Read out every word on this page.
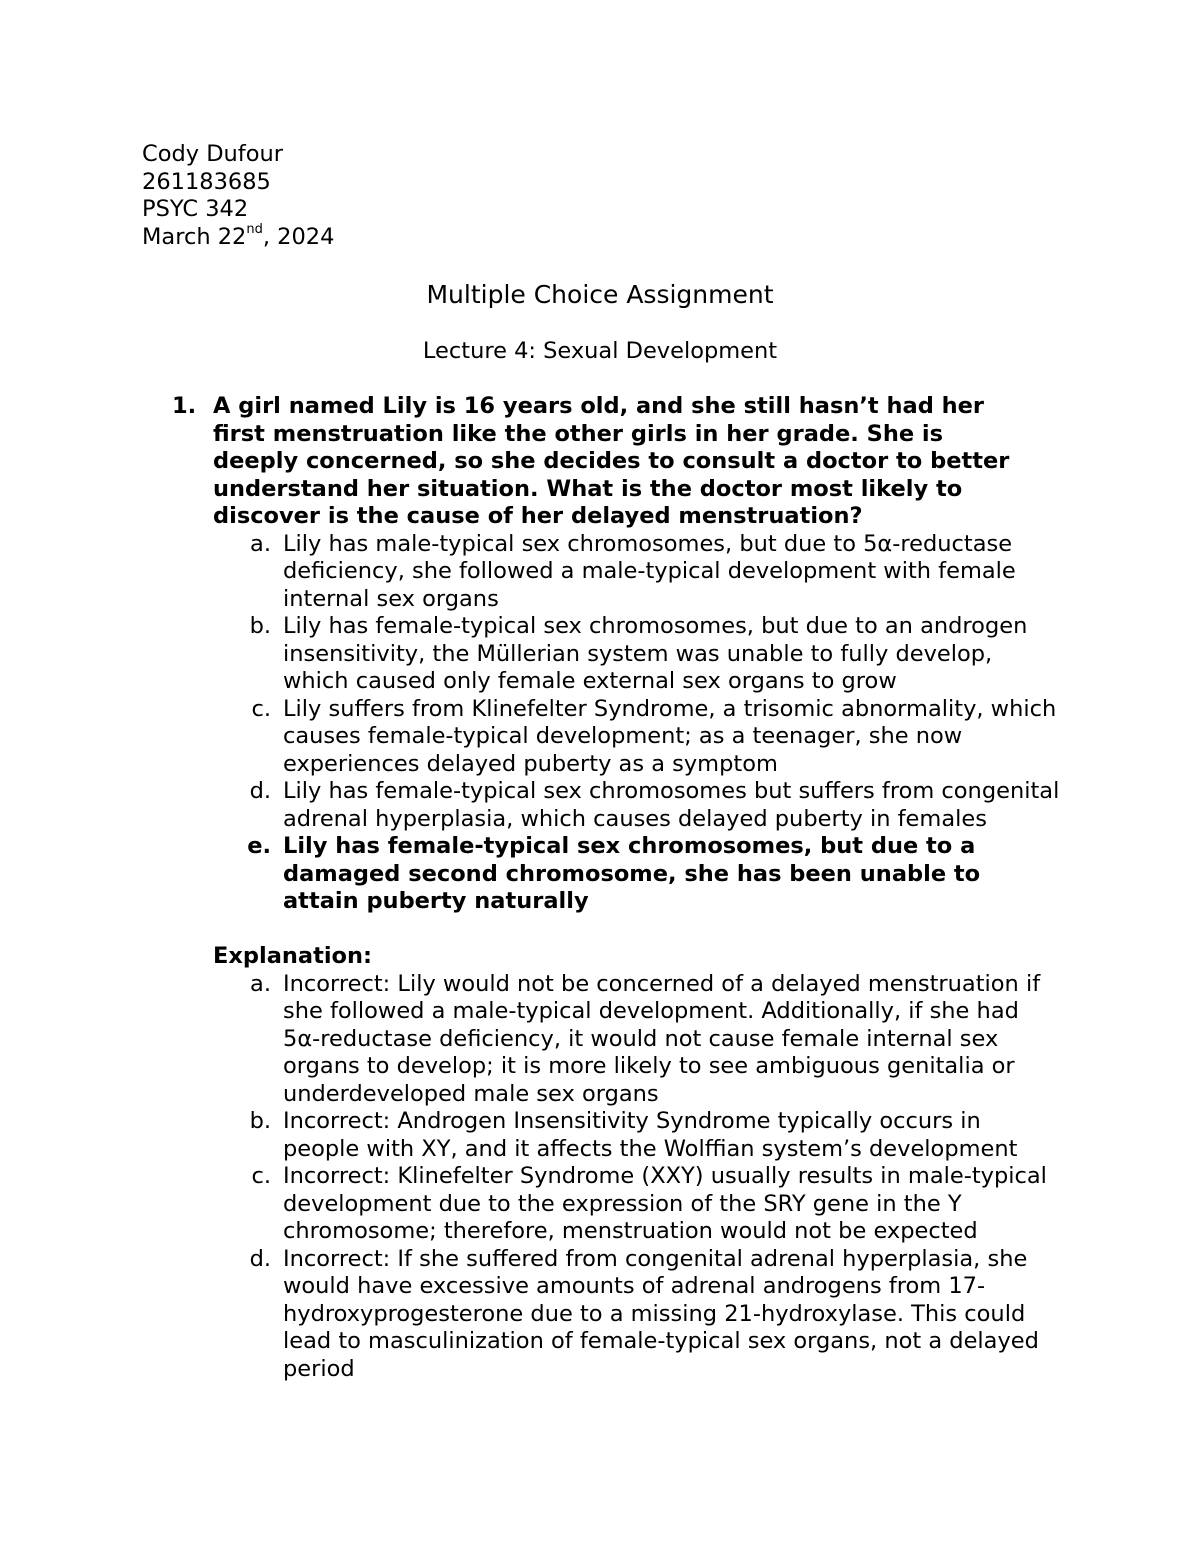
Cody Dufour
261183685
PSYC 342
March 22nd, 2024
Multiple Choice Assignment
Lecture 4: Sexual Development
1. A girl named Lily is 16 years old, and she still hasn’t had her first menstruation like the other girls in her grade. She is deeply concerned, so she decides to consult a doctor to better understand her situation. What is the doctor most likely to discover is the cause of her delayed menstruation?
a. Lily has male-typical sex chromosomes, but due to 5α-reductase deficiency, she followed a male-typical development with female internal sex organs
b. Lily has female-typical sex chromosomes, but due to an androgen insensitivity, the Müllerian system was unable to fully develop, which caused only female external sex organs to grow
c. Lily suffers from Klinefelter Syndrome, a trisomic abnormality, which causes female-typical development; as a teenager, she now experiences delayed puberty as a symptom
d. Lily has female-typical sex chromosomes but suffers from congenital adrenal hyperplasia, which causes delayed puberty in females
e. Lily has female-typical sex chromosomes, but due to a damaged second chromosome, she has been unable to attain puberty naturally
Explanation:
a. Incorrect: Lily would not be concerned of a delayed menstruation if she followed a male-typical development. Additionally, if she had 5α-reductase deficiency, it would not cause female internal sex organs to develop; it is more likely to see ambiguous genitalia or underdeveloped male sex organs
b. Incorrect: Androgen Insensitivity Syndrome typically occurs in people with XY, and it affects the Wolffian system’s development
c. Incorrect: Klinefelter Syndrome (XXY) usually results in male-typical development due to the expression of the SRY gene in the Y chromosome; therefore, menstruation would not be expected
d. Incorrect: If she suffered from congenital adrenal hyperplasia, she would have excessive amounts of adrenal androgens from 17-hydroxyprogesterone due to a missing 21-hydroxylase. This could lead to masculinization of female-typical sex organs, not a delayed period
